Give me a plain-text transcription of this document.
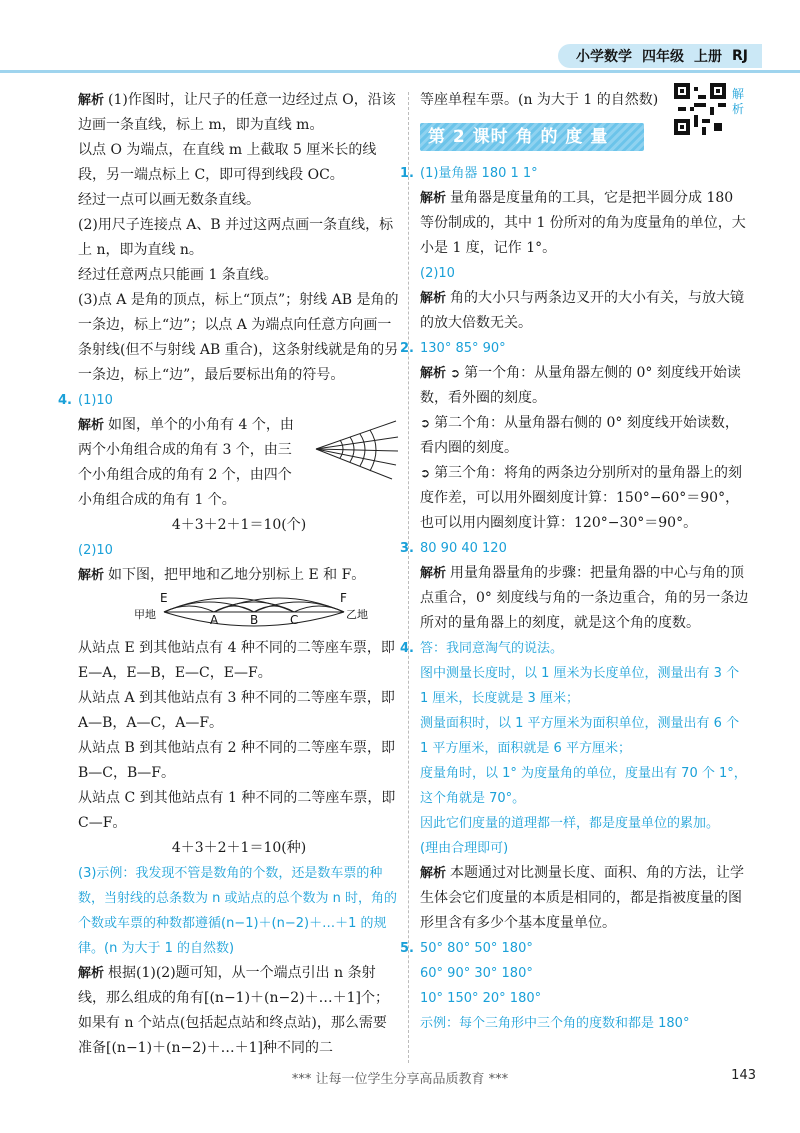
小学数学 四年级 上册 RJ

解析 (1)作图时，让尺子的任意一边经过点 O，沿该边画一条直线，标上 m，即为直线 m。

以点 O 为端点，在直线 m 上截取 5 厘米长的线段，另一端点标上 C，即可得到线段 OC。

经过一点可以画无数条直线。

(2)用尺子连接点 A、B 并过这两点画一条直线，标上 n，即为直线 n。

经过任意两点只能画 1 条直线。

(3)点 A 是角的顶点，标上“顶点”；射线 AB 是角的一条边，标上“边”；以点 A 为端点向任意方向画一条射线(但不与射线 AB 重合)，这条射线就是角的另一条边，标上“边”，最后要标出角的符号。

4. (1)10

解析 如图，单个的小角有 4 个，由两个小角组合成的角有 3 个，由三个小角组合成的角有 2 个，由四个小角组合成的角有 1 个。

4＋3＋2＋1＝10(个)

(2)10

解析 如下图，把甲地和乙地分别标上 E 和 F。

E
A	B	C
F
甲地	乙地

从站点 E 到其他站点有 4 种不同的二等座车票，即 E—A，E—B，E—C，E—F。

从站点 A 到其他站点有 3 种不同的二等座车票，即 A—B，A—C，A—F。

从站点 B 到其他站点有 2 种不同的二等座车票，即 B—C，B—F。

从站点 C 到其他站点有 1 种不同的二等座车票，即 C—F。

4＋3＋2＋1＝10(种)

(3)示例：我发现不管是数角的个数，还是数车票的种数，当射线的总条数为 n 或站点的总个数为 n 时，角的个数或车票的种数都遵循(n−1)＋(n−2)＋…＋1 的规律。(n 为大于 1 的自然数)

解析 根据(1)(2)题可知，从一个端点引出 n 条射线，那么组成的角有[(n−1)＋(n−2)＋…＋1]个；如果有 n 个站点(包括起点站和终点站)，那么需要准备[(n−1)＋(n−2)＋…＋1]种不同的二

等座单程车票。(n 为大于 1 的自然数)

第 2 课时 角 的 度 量
解析

1. (1)量角器 180 1 1°

解析 量角器是度量角的工具，它是把半圆分成 180 等份制成的，其中 1 份所对的角为度量角的单位，大小是 1 度，记作 1°。

(2)10

解析 角的大小只与两条边叉开的大小有关，与放大镜的放大倍数无关。

2. 130° 85° 90°

解析 ➲ 第一个角：从量角器左侧的 0° 刻度线开始读数，看外圈的刻度。

➲ 第二个角：从量角器右侧的 0° 刻度线开始读数，看内圈的刻度。

➲ 第三个角：将角的两条边分别所对的量角器上的刻度作差，可以用外圈刻度计算：150°−60°＝90°，也可以用内圈刻度计算：120°−30°＝90°。

3. 80 90 40 120

解析 用量角器量角的步骤：把量角器的中心与角的顶点重合，0° 刻度线与角的一条边重合，角的另一条边所对的量角器上的刻度，就是这个角的度数。

4. 答：我同意淘气的说法。

图中测量长度时，以 1 厘米为长度单位，测量出有 3 个 1 厘米，长度就是 3 厘米；

测量面积时，以 1 平方厘米为面积单位，测量出有 6 个 1 平方厘米，面积就是 6 平方厘米；

度量角时，以 1° 为度量角的单位，度量出有 70 个 1°，这个角就是 70°。

因此它们度量的道理都一样，都是度量单位的累加。

(理由合理即可)

解析 本题通过对比测量长度、面积、角的方法，让学生体会它们度量的本质是相同的，都是指被度量的图形里含有多少个基本度量单位。

5. 50° 80° 50° 180°

60° 90° 30° 180°

10° 150° 20° 180°

示例：每个三角形中三个角的度数和都是 180°

*** 让每一位学生分享高品质教育 ***	143
